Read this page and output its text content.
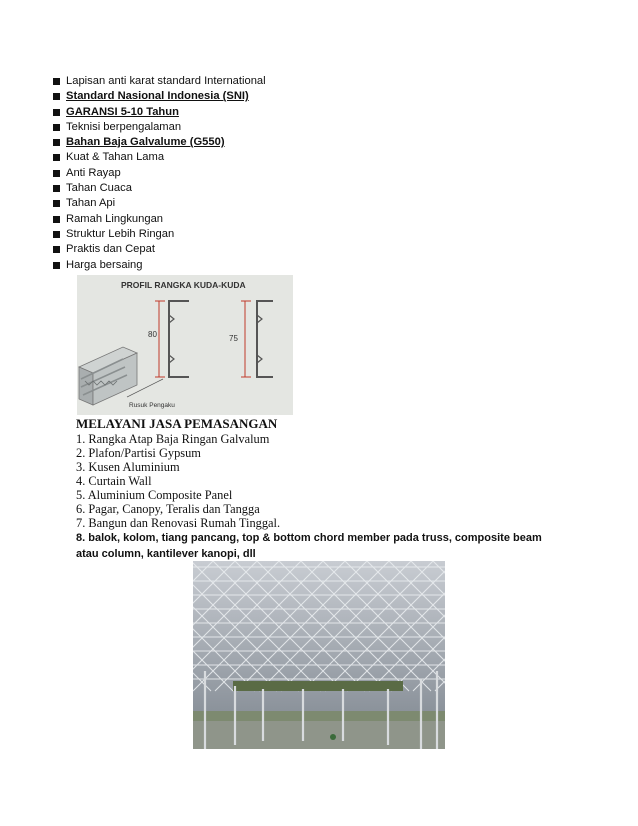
Lapisan anti karat standard International
Standard Nasional Indonesia (SNI)
GARANSI 5-10 Tahun
Teknisi berpengalaman
Bahan Baja Galvalume (G550)
Kuat & Tahan Lama
Anti Rayap
Tahan Cuaca
Tahan Api
Ramah Lingkungan
Struktur Lebih Ringan
Praktis dan Cepat
Harga bersaing
PROFIL RANGKA KUDA-KUDA
80	75
Rusuk Pengaku
MELAYANI JASA PEMASANGAN
1. Rangka Atap Baja Ringan Galvalum
2. Plafon/Partisi Gypsum
3. Kusen Aluminium
4. Curtain Wall
5. Aluminium Composite Panel
6. Pagar, Canopy, Teralis dan Tangga
7. Bangun dan Renovasi Rumah Tinggal.
8. balok, kolom, tiang pancang, top & bottom chord member pada truss, composite beam atau column, kantilever kanopi, dll
